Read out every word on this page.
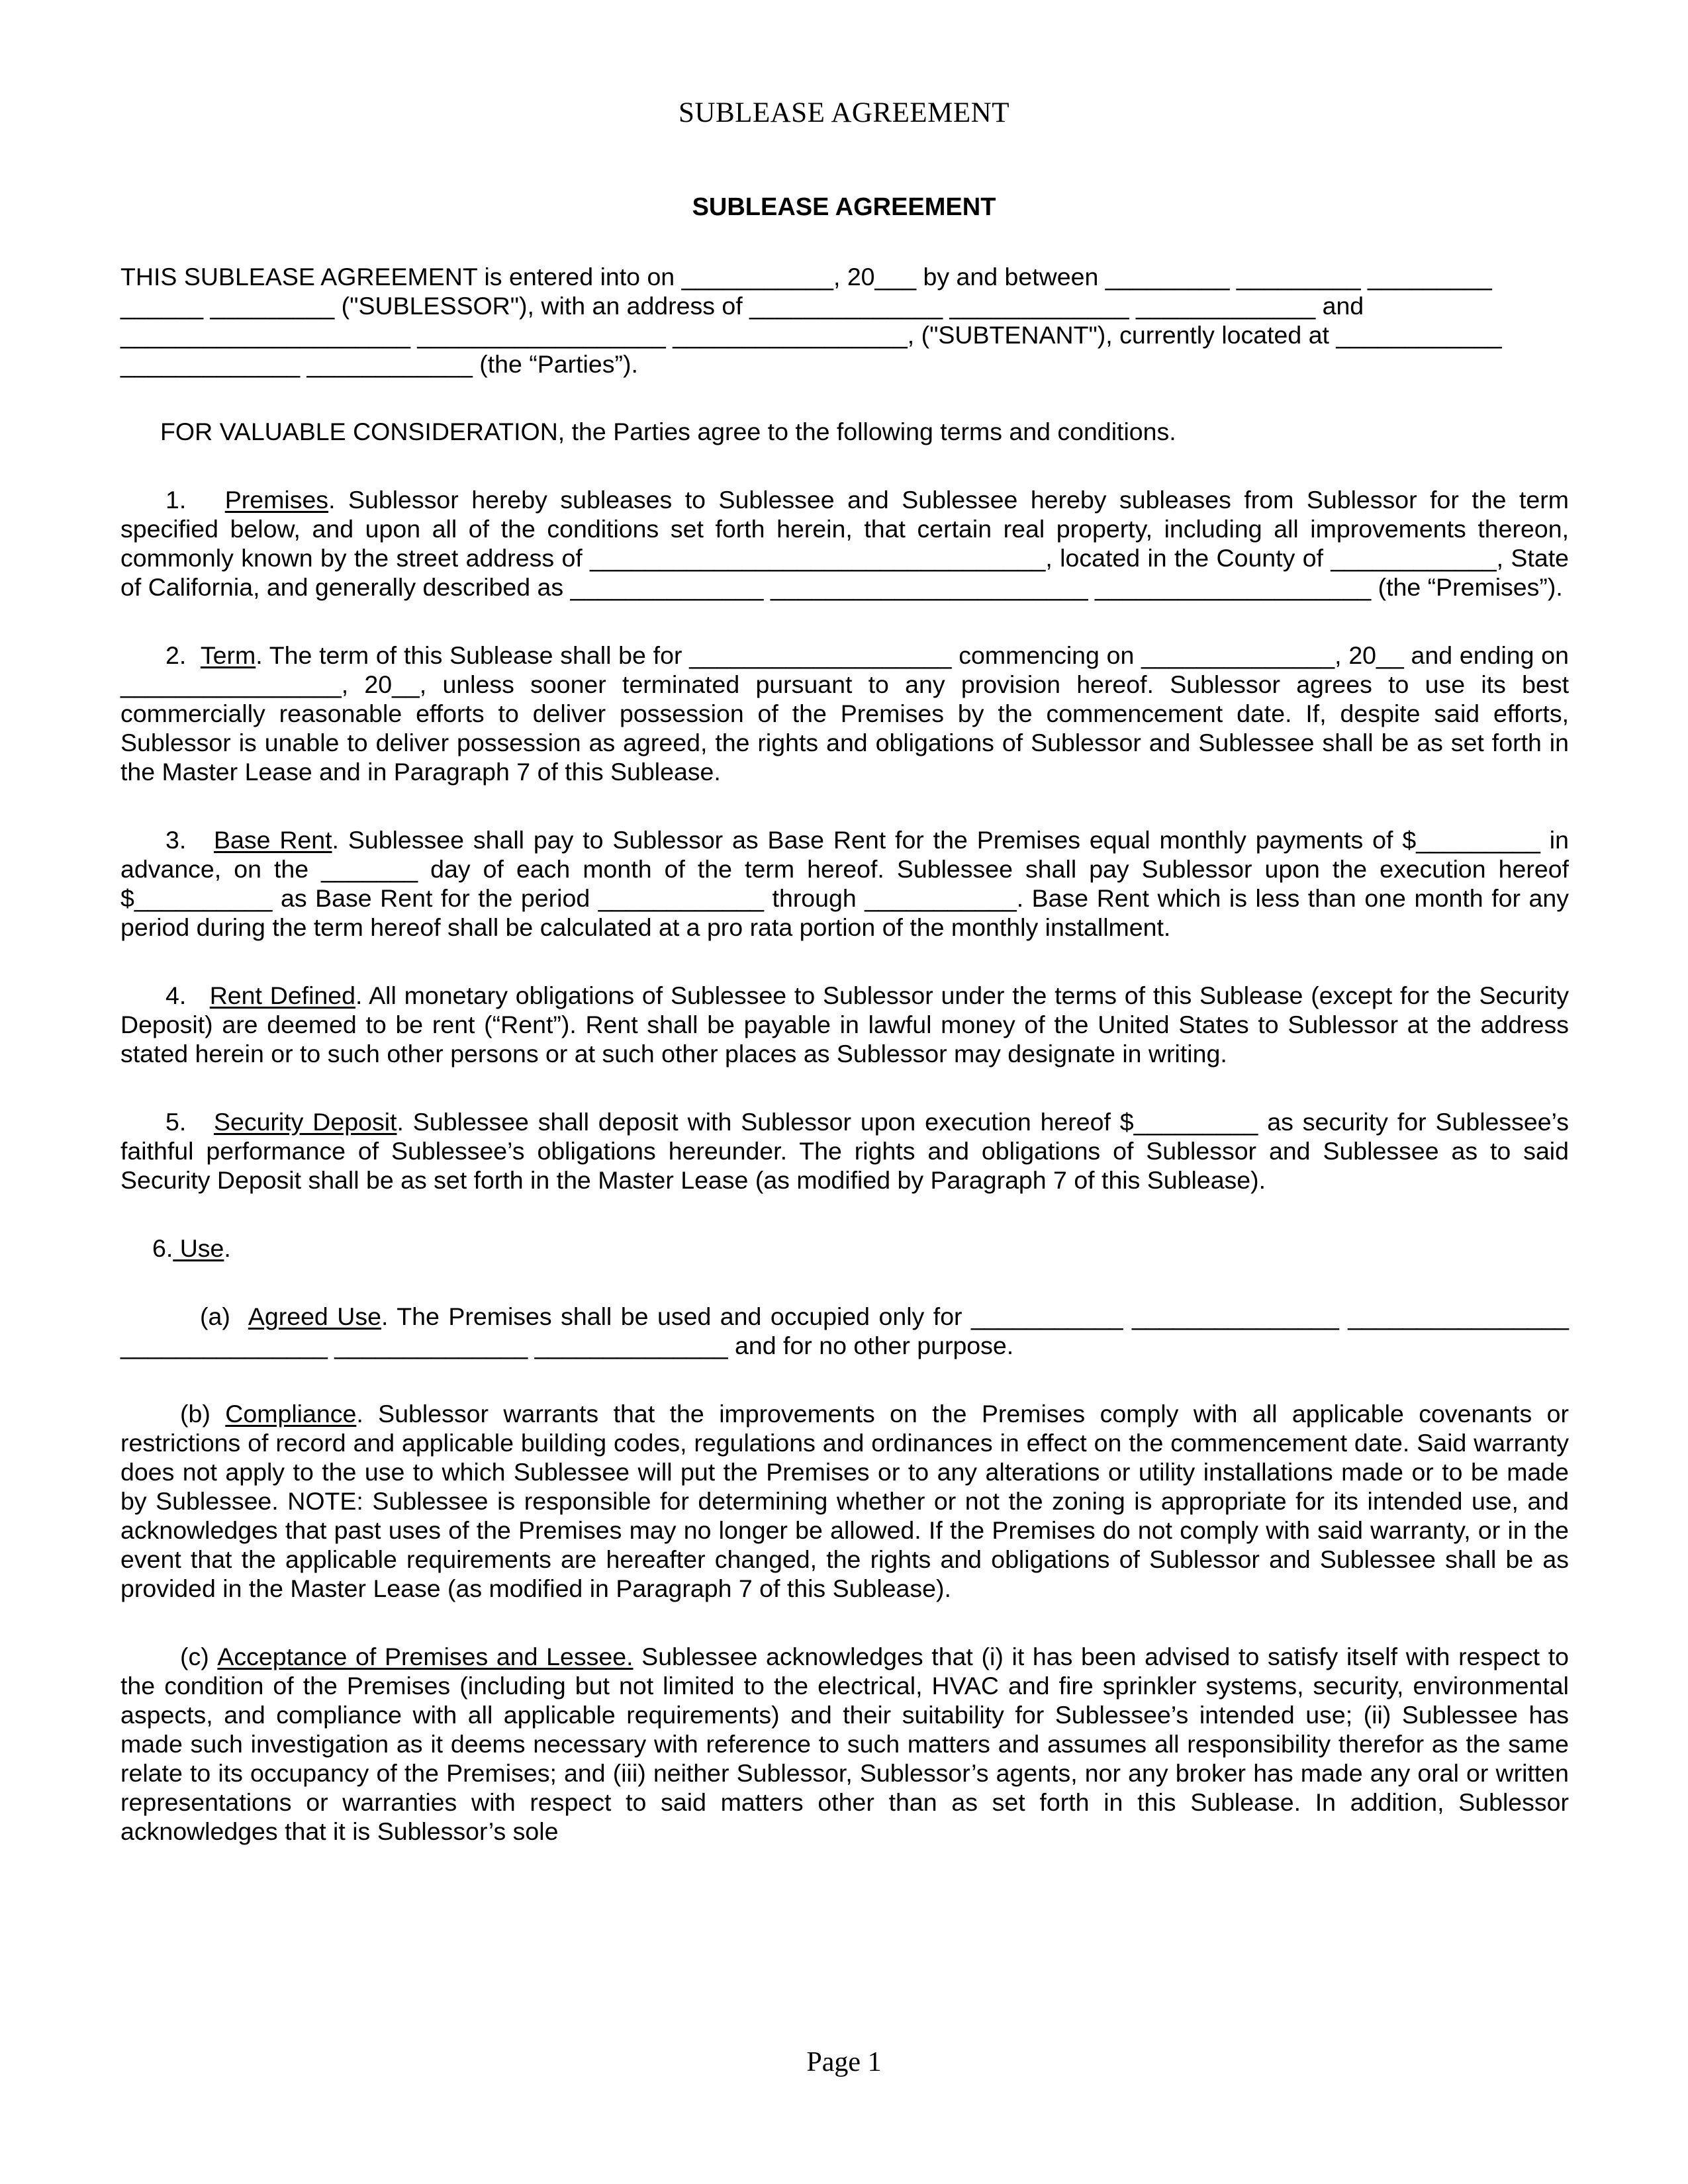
SUBLEASE AGREEMENT
SUBLEASE AGREEMENT

THIS SUBLEASE AGREEMENT is entered into on ___________, 20___ by and between _________ _________ _________ ______ _________ ("SUBLESSOR"), with an address of ______________ _____________ _____________ and _____________________ __________________ _________________, ("SUBTENANT"), currently located at ____________ _____________ ____________ (the “Parties”).

FOR VALUABLE CONSIDERATION, the Parties agree to the following terms and conditions.

1. Premises. Sublessor hereby subleases to Sublessee and Sublessee hereby subleases from Sublessor for the term specified below, and upon all of the conditions set forth herein, that certain real property, including all improvements thereon, commonly known by the street address of _________________________________, located in the County of ____________, State of California, and generally described as ______________ _______________________ ____________________ (the “Premises”).

2. Term. The term of this Sublease shall be for ___________________ commencing on ______________, 20__ and ending on ________________, 20__, unless sooner terminated pursuant to any provision hereof. Sublessor agrees to use its best commercially reasonable efforts to deliver possession of the Premises by the commencement date. If, despite said efforts, Sublessor is unable to deliver possession as agreed, the rights and obligations of Sublessor and Sublessee shall be as set forth in the Master Lease and in Paragraph 7 of this Sublease.

3. Base Rent. Sublessee shall pay to Sublessor as Base Rent for the Premises equal monthly payments of $_________ in advance, on the _______ day of each month of the term hereof. Sublessee shall pay Sublessor upon the execution hereof $__________ as Base Rent for the period ____________ through ___________. Base Rent which is less than one month for any period during the term hereof shall be calculated at a pro rata portion of the monthly installment.

4. Rent Defined. All monetary obligations of Sublessee to Sublessor under the terms of this Sublease (except for the Security Deposit) are deemed to be rent (“Rent”). Rent shall be payable in lawful money of the United States to Sublessor at the address stated herein or to such other persons or at such other places as Sublessor may designate in writing.

5. Security Deposit. Sublessee shall deposit with Sublessor upon execution hereof $_________ as security for Sublessee’s faithful performance of Sublessee’s obligations hereunder. The rights and obligations of Sublessor and Sublessee as to said Security Deposit shall be as set forth in the Master Lease (as modified by Paragraph 7 of this Sublease).

6. Use.

(a) Agreed Use. The Premises shall be used and occupied only for ___________ _______________ ________________ _______________ ______________ ______________ and for no other purpose.

(b) Compliance. Sublessor warrants that the improvements on the Premises comply with all applicable covenants or restrictions of record and applicable building codes, regulations and ordinances in effect on the commencement date. Said warranty does not apply to the use to which Sublessee will put the Premises or to any alterations or utility installations made or to be made by Sublessee. NOTE: Sublessee is responsible for determining whether or not the zoning is appropriate for its intended use, and acknowledges that past uses of the Premises may no longer be allowed. If the Premises do not comply with said warranty, or in the event that the applicable requirements are hereafter changed, the rights and obligations of Sublessor and Sublessee shall be as provided in the Master Lease (as modified in Paragraph 7 of this Sublease).

(c) Acceptance of Premises and Lessee. Sublessee acknowledges that (i) it has been advised to satisfy itself with respect to the condition of the Premises (including but not limited to the electrical, HVAC and fire sprinkler systems, security, environmental aspects, and compliance with all applicable requirements) and their suitability for Sublessee’s intended use; (ii) Sublessee has made such investigation as it deems necessary with reference to such matters and assumes all responsibility therefor as the same relate to its occupancy of the Premises; and (iii) neither Sublessor, Sublessor’s agents, nor any broker has made any oral or written representations or warranties with respect to said matters other than as set forth in this Sublease. In addition, Sublessor acknowledges that it is Sublessor’s sole

Page 1
